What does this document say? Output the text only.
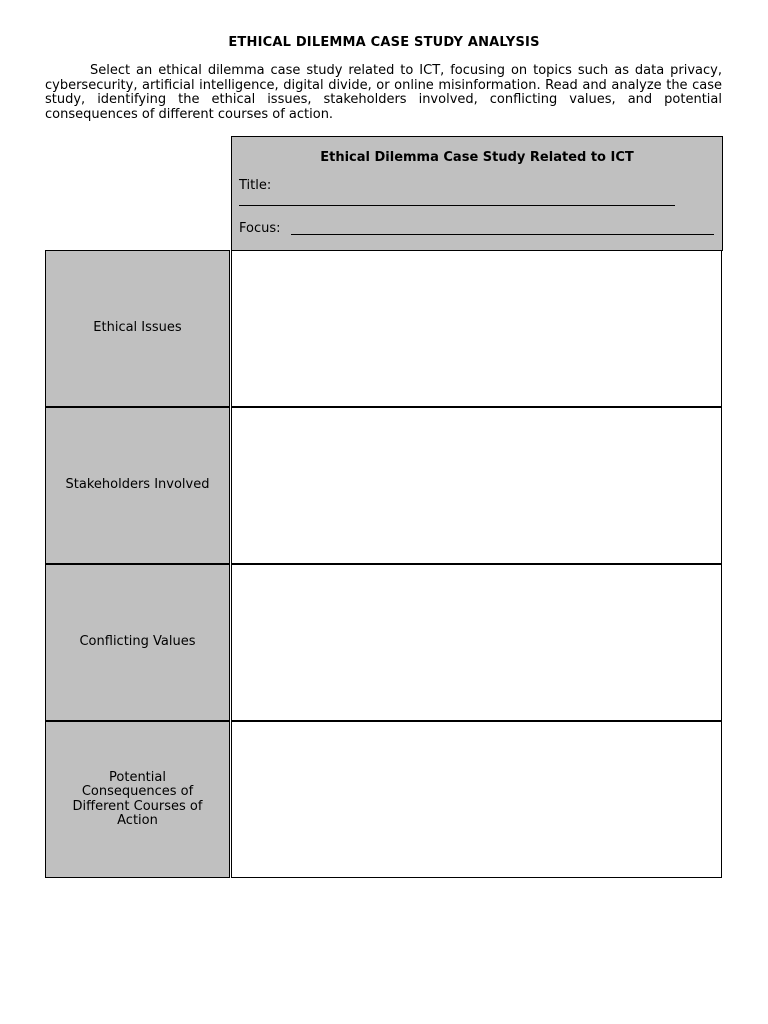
ETHICAL DILEMMA CASE STUDY ANALYSIS

Select an ethical dilemma case study related to ICT, focusing on topics such as data privacy, cybersecurity, artificial intelligence, digital divide, or online misinformation. Read and analyze the case study, identifying the ethical issues, stakeholders involved, conflicting values, and potential consequences of different courses of action.

Ethical Dilemma Case Study Related to ICT
Title:
Focus:
Ethical Issues
Stakeholders Involved
Conflicting Values
Potential Consequences of Different Courses of Action
